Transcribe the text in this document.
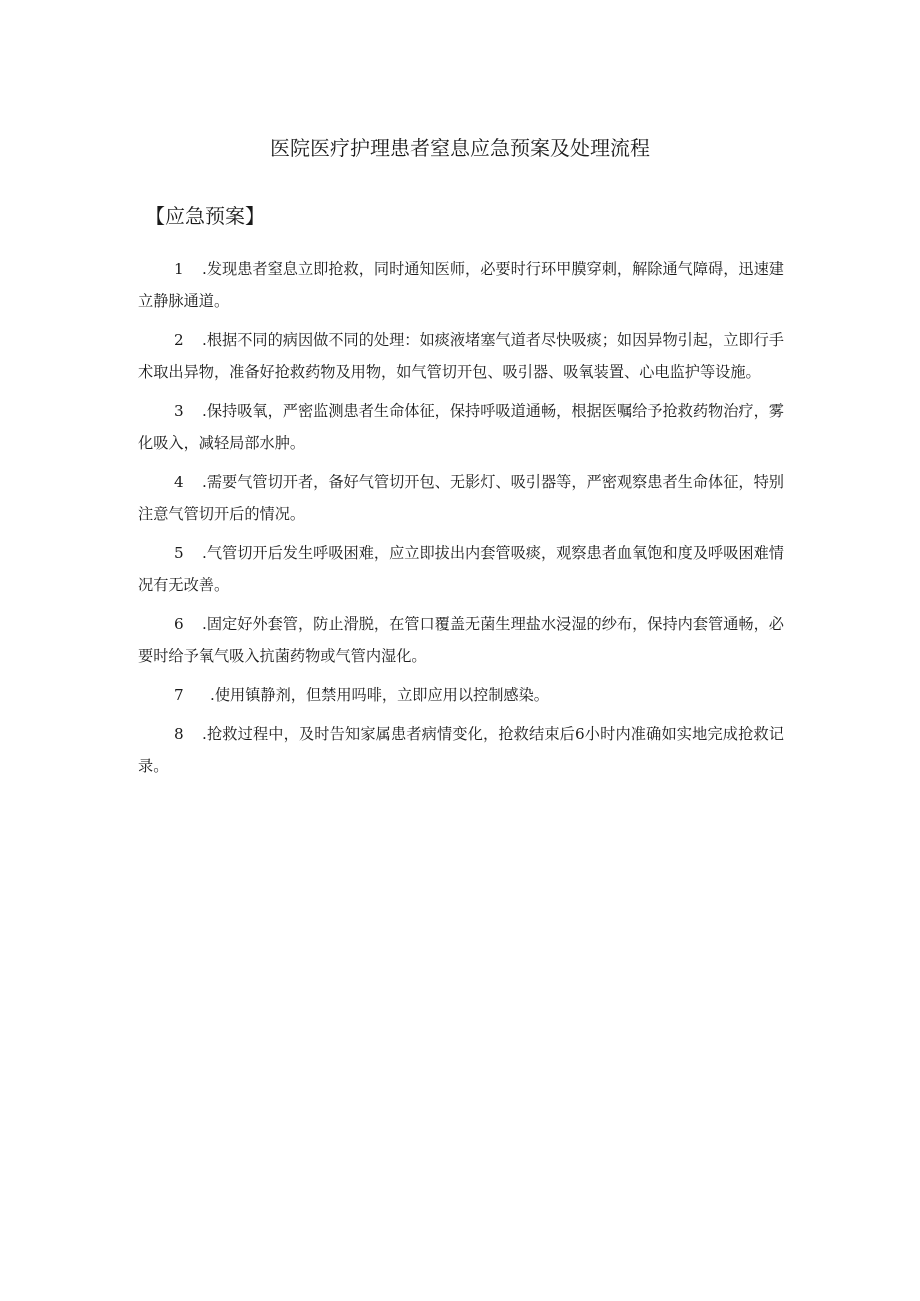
医院医疗护理患者窒息应急预案及处理流程
【应急预案】
1 .发现患者窒息立即抢救，同时通知医师，必要时行环甲膜穿刺，解除通气障碍，迅速建立静脉通道。
2 .根据不同的病因做不同的处理：如痰液堵塞气道者尽快吸痰；如因异物引起，立即行手术取出异物，准备好抢救药物及用物，如气管切开包、吸引器、吸氧装置、心电监护等设施。
3 .保持吸氧，严密监测患者生命体征，保持呼吸道通畅，根据医嘱给予抢救药物治疗，雾化吸入，减轻局部水肿。
4 .需要气管切开者，备好气管切开包、无影灯、吸引器等，严密观察患者生命体征，特别注意气管切开后的情况。
5 .气管切开后发生呼吸困难，应立即拔出内套管吸痰，观察患者血氧饱和度及呼吸困难情况有无改善。
6 .固定好外套管，防止滑脱，在管口覆盖无菌生理盐水浸湿的纱布，保持内套管通畅，必要时给予氧气吸入抗菌药物或气管内湿化。
7 .使用镇静剂，但禁用吗啡，立即应用以控制感染。
8 .抢救过程中，及时告知家属患者病情变化，抢救结束后6小时内准确如实地完成抢救记录。
